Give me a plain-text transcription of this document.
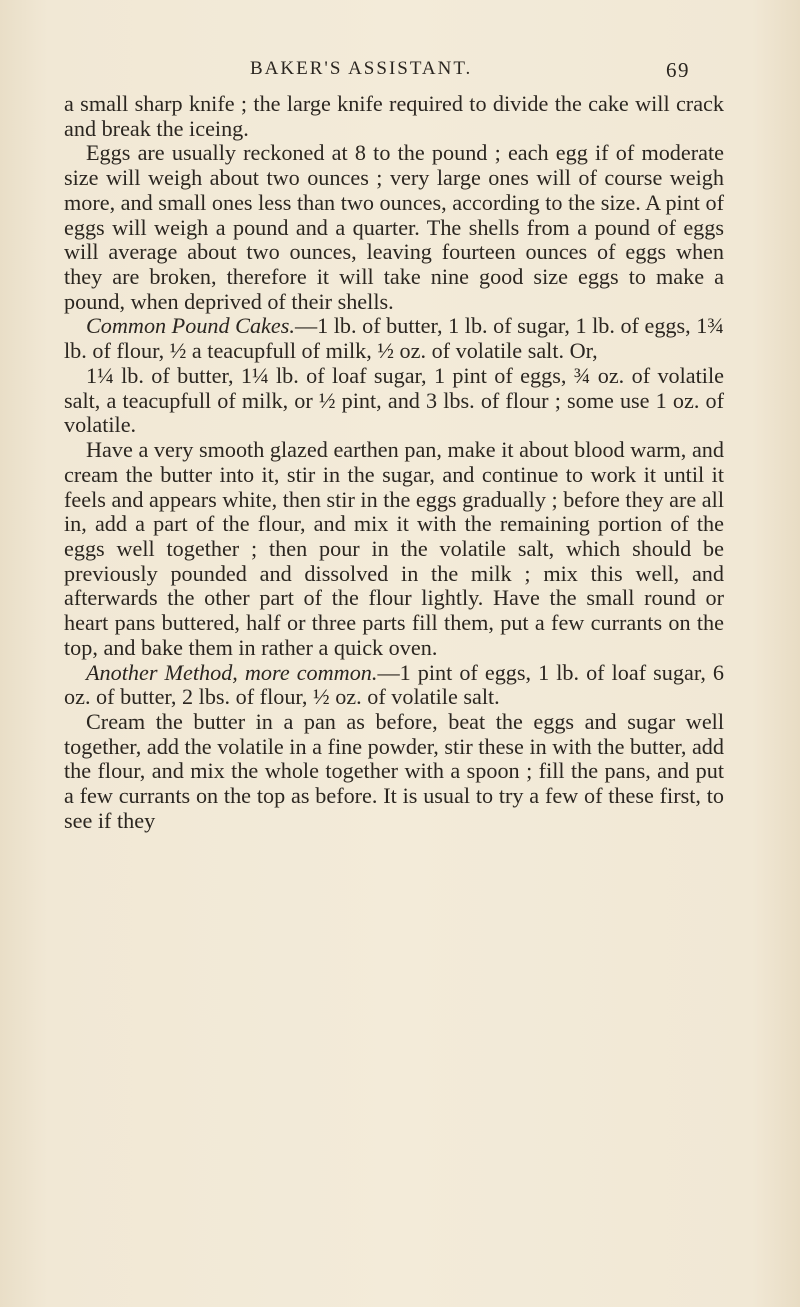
BAKER'S ASSISTANT.	69

a small sharp knife ; the large knife required to divide the cake will crack and break the iceing.

Eggs are usually reckoned at 8 to the pound ; each egg if of moderate size will weigh about two ounces ; very large ones will of course weigh more, and small ones less than two ounces, according to the size. A pint of eggs will weigh a pound and a quarter. The shells from a pound of eggs will average about two ounces, leaving fourteen ounces of eggs when they are broken, therefore it will take nine good size eggs to make a pound, when deprived of their shells.

Common Pound Cakes.—1 lb. of butter, 1 lb. of sugar, 1 lb. of eggs, 1¾ lb. of flour, ½ a teacupfull of milk, ½ oz. of volatile salt. Or,

1¼ lb. of butter, 1¼ lb. of loaf sugar, 1 pint of eggs, ¾ oz. of volatile salt, a teacupfull of milk, or ½ pint, and 3 lbs. of flour ; some use 1 oz. of volatile.

Have a very smooth glazed earthen pan, make it about blood warm, and cream the butter into it, stir in the sugar, and continue to work it until it feels and appears white, then stir in the eggs gradually ; before they are all in, add a part of the flour, and mix it with the remaining portion of the eggs well together ; then pour in the volatile salt, which should be previously pounded and dissolved in the milk ; mix this well, and afterwards the other part of the flour lightly. Have the small round or heart pans buttered, half or three parts fill them, put a few currants on the top, and bake them in rather a quick oven.

Another Method, more common.—1 pint of eggs, 1 lb. of loaf sugar, 6 oz. of butter, 2 lbs. of flour, ½ oz. of volatile salt.

Cream the butter in a pan as before, beat the eggs and sugar well together, add the volatile in a fine powder, stir these in with the butter, add the flour, and mix the whole together with a spoon ; fill the pans, and put a few currants on the top as before. It is usual to try a few of these first, to see if they
